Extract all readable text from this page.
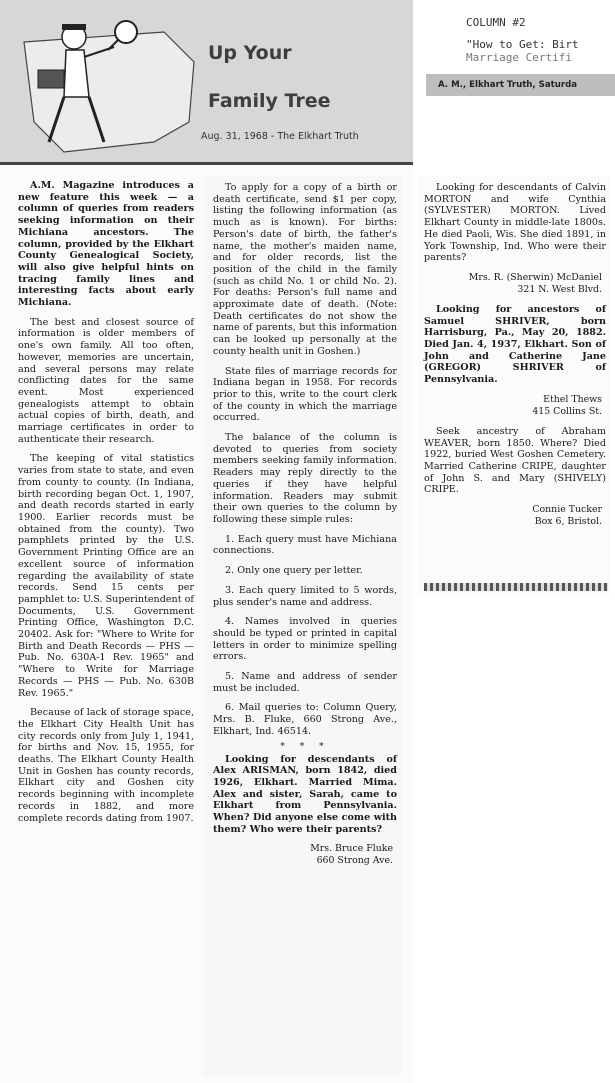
Up Your
Family Tree
Aug. 31, 1968 - The Elkhart Truth

A.M. Magazine introduces a new feature this week — a column of queries from readers seeking information on their Michiana ancestors. The column, provided by the Elkhart County Genealogical Society, will also give helpful hints on tracing family lines and interesting facts about early Michiana.

The best and closest source of information is older members of one's own family. All too often, however, memories are uncertain, and several persons may relate conflicting dates for the same event. Most experienced genealogists attempt to obtain actual copies of birth, death, and marriage certificates in order to authenticate their research.

The keeping of vital statistics varies from state to state, and even from county to county. (In Indiana, birth recording began Oct. 1, 1907, and death records started in early 1900. Earlier records must be obtained from the county). Two pamphlets printed by the U.S. Government Printing Office are an excellent source of information regarding the availability of state records. Send 15 cents per pamphlet to: U.S. Superintendent of Documents, U.S. Government Printing Office, Washington D.C. 20402. Ask for: "Where to Write for Birth and Death Records — PHS — Pub. No. 630A-1 Rev. 1965" and "Where to Write for Marriage Records — PHS — Pub. No. 630B Rev. 1965."

Because of lack of storage space, the Elkhart City Health Unit has city records only from July 1, 1941, for births and Nov. 15, 1955, for deaths. The Elkhart County Health Unit in Goshen has county records, Elkhart city and Goshen city records beginning with incomplete records in 1882, and more complete records dating from 1907.

To apply for a copy of a birth or death certificate, send $1 per copy, listing the following information (as much as is known). For births: Person's date of birth, the father's name, the mother's maiden name, and for older records, list the position of the child in the family (such as child No. 1 or child No. 2). For deaths: Person's full name and approximate date of death. (Note: Death certificates do not show the name of parents, but this information can be looked up personally at the county health unit in Goshen.)

State files of marriage records for Indiana began in 1958. For records prior to this, write to the court clerk of the county in which the marriage occurred.

The balance of the column is devoted to queries from society members seeking family information. Readers may reply directly to the queries if they have helpful information. Readers may submit their own queries to the column by following these simple rules:

1. Each query must have Michiana connections.

2. Only one query per letter.

3. Each query limited to 5 words, plus sender's name and address.

4. Names involved in queries should be typed or printed in capital letters in order to minimize spelling errors.

5. Name and address of sender must be included.

6. Mail queries to: Column Query, Mrs. B. Fluke, 660 Strong Ave., Elkhart, Ind. 46514.

* * *

Looking for descendants of Alex ARISMAN, born 1842, died 1926, Elkhart. Married Mima. Alex and sister, Sarah, came to Elkhart from Pennsylvania. When? Did anyone else come with them? Who were their parents?

Mrs. Bruce Fluke
660 Strong Ave.
COLUMN #2
"How to Get: Birt
Marriage Certifi
A. M., Elkhart Truth, Saturda

Looking for descendants of Calvin MORTON and wife Cynthia (SYLVESTER) MORTON. Lived Elkhart County in middle-late 1800s. He died Paoli, Wis. She died 1891, in York Township, Ind. Who were their parents?

Mrs. R. (Sherwin) McDaniel
321 N. West Blvd.

Looking for ancestors of Samuel SHRIVER, born Harrisburg, Pa., May 20, 1882. Died Jan. 4, 1937, Elkhart. Son of John and Catherine Jane (GREGOR) SHRIVER of Pennsylvania.

Ethel Thews
415 Collins St.

Seek ancestry of Abraham WEAVER, born 1850. Where? Died 1922, buried West Goshen Cemetery. Married Catherine CRIPE, daughter of John S. and Mary (SHIVELY) CRIPE.

Connie Tucker
Box 6, Bristol.
